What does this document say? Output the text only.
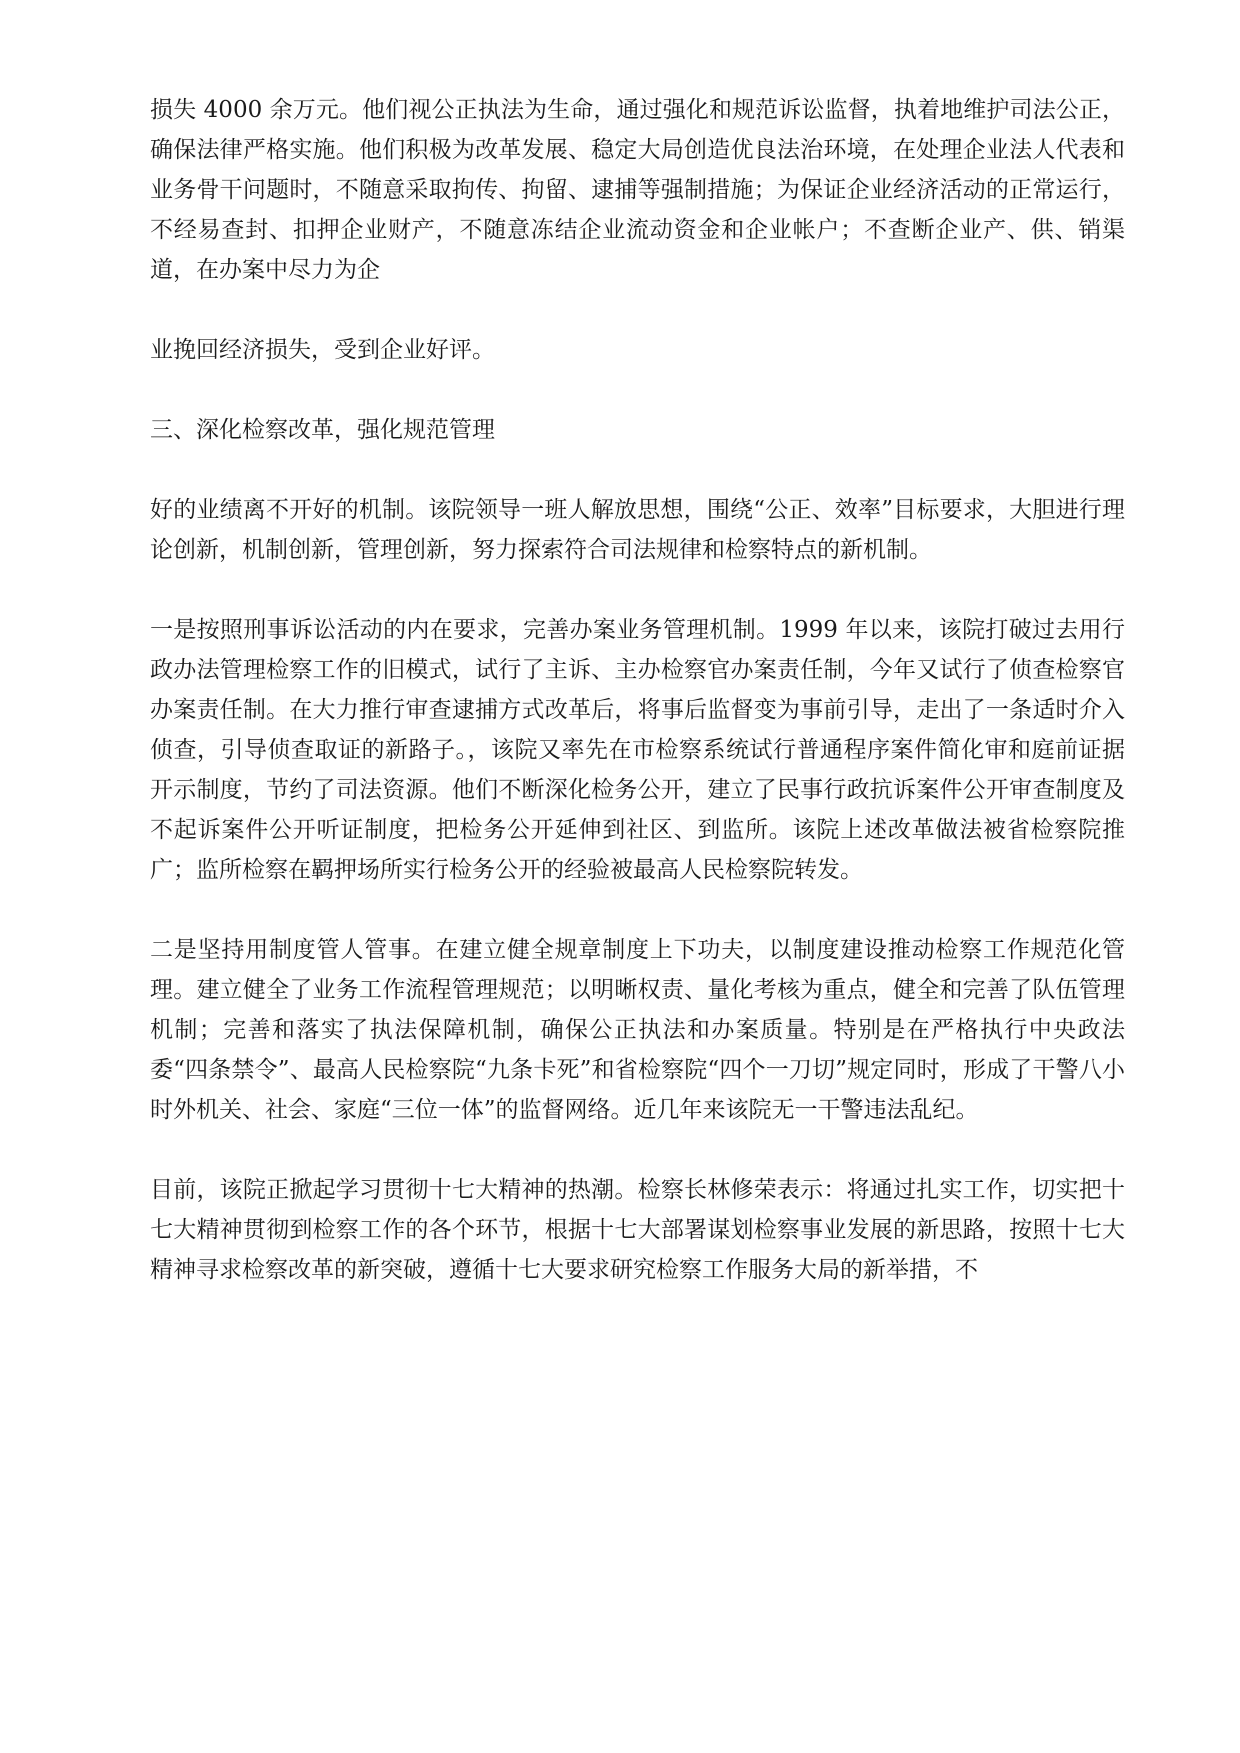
损失 4000 余万元。他们视公正执法为生命，通过强化和规范诉讼监督，执着地维护司法公正，确保法律严格实施。他们积极为改革发展、稳定大局创造优良法治环境，在处理企业法人代表和业务骨干问题时，不随意采取拘传、拘留、逮捕等强制措施；为保证企业经济活动的正常运行，不经易查封、扣押企业财产，不随意冻结企业流动资金和企业帐户；不查断企业产、供、销渠道，在办案中尽力为企

业挽回经济损失，受到企业好评。

三、深化检察改革，强化规范管理

好的业绩离不开好的机制。该院领导一班人解放思想，围绕“公正、效率”目标要求，大胆进行理论创新，机制创新，管理创新，努力探索符合司法规律和检察特点的新机制。

一是按照刑事诉讼活动的内在要求，完善办案业务管理机制。1999 年以来，该院打破过去用行政办法管理检察工作的旧模式，试行了主诉、主办检察官办案责任制，今年又试行了侦查检察官办案责任制。在大力推行审查逮捕方式改革后，将事后监督变为事前引导，走出了一条适时介入侦查，引导侦查取证的新路子。，该院又率先在市检察系统试行普通程序案件简化审和庭前证据开示制度，节约了司法资源。他们不断深化检务公开，建立了民事行政抗诉案件公开审查制度及不起诉案件公开听证制度，把检务公开延伸到社区、到监所。该院上述改革做法被省检察院推广；监所检察在羁押场所实行检务公开的经验被最高人民检察院转发。

二是坚持用制度管人管事。在建立健全规章制度上下功夫，以制度建设推动检察工作规范化管理。建立健全了业务工作流程管理规范；以明晰权责、量化考核为重点，健全和完善了队伍管理机制；完善和落实了执法保障机制，确保公正执法和办案质量。特别是在严格执行中央政法委“四条禁令”、最高人民检察院“九条卡死”和省检察院“四个一刀切”规定同时，形成了干警八小时外机关、社会、家庭“三位一体”的监督网络。近几年来该院无一干警违法乱纪。

目前，该院正掀起学习贯彻十七大精神的热潮。检察长林修荣表示：将通过扎实工作，切实把十七大精神贯彻到检察工作的各个环节，根据十七大部署谋划检察事业发展的新思路，按照十七大精神寻求检察改革的新突破，遵循十七大要求研究检察工作服务大局的新举措，不
